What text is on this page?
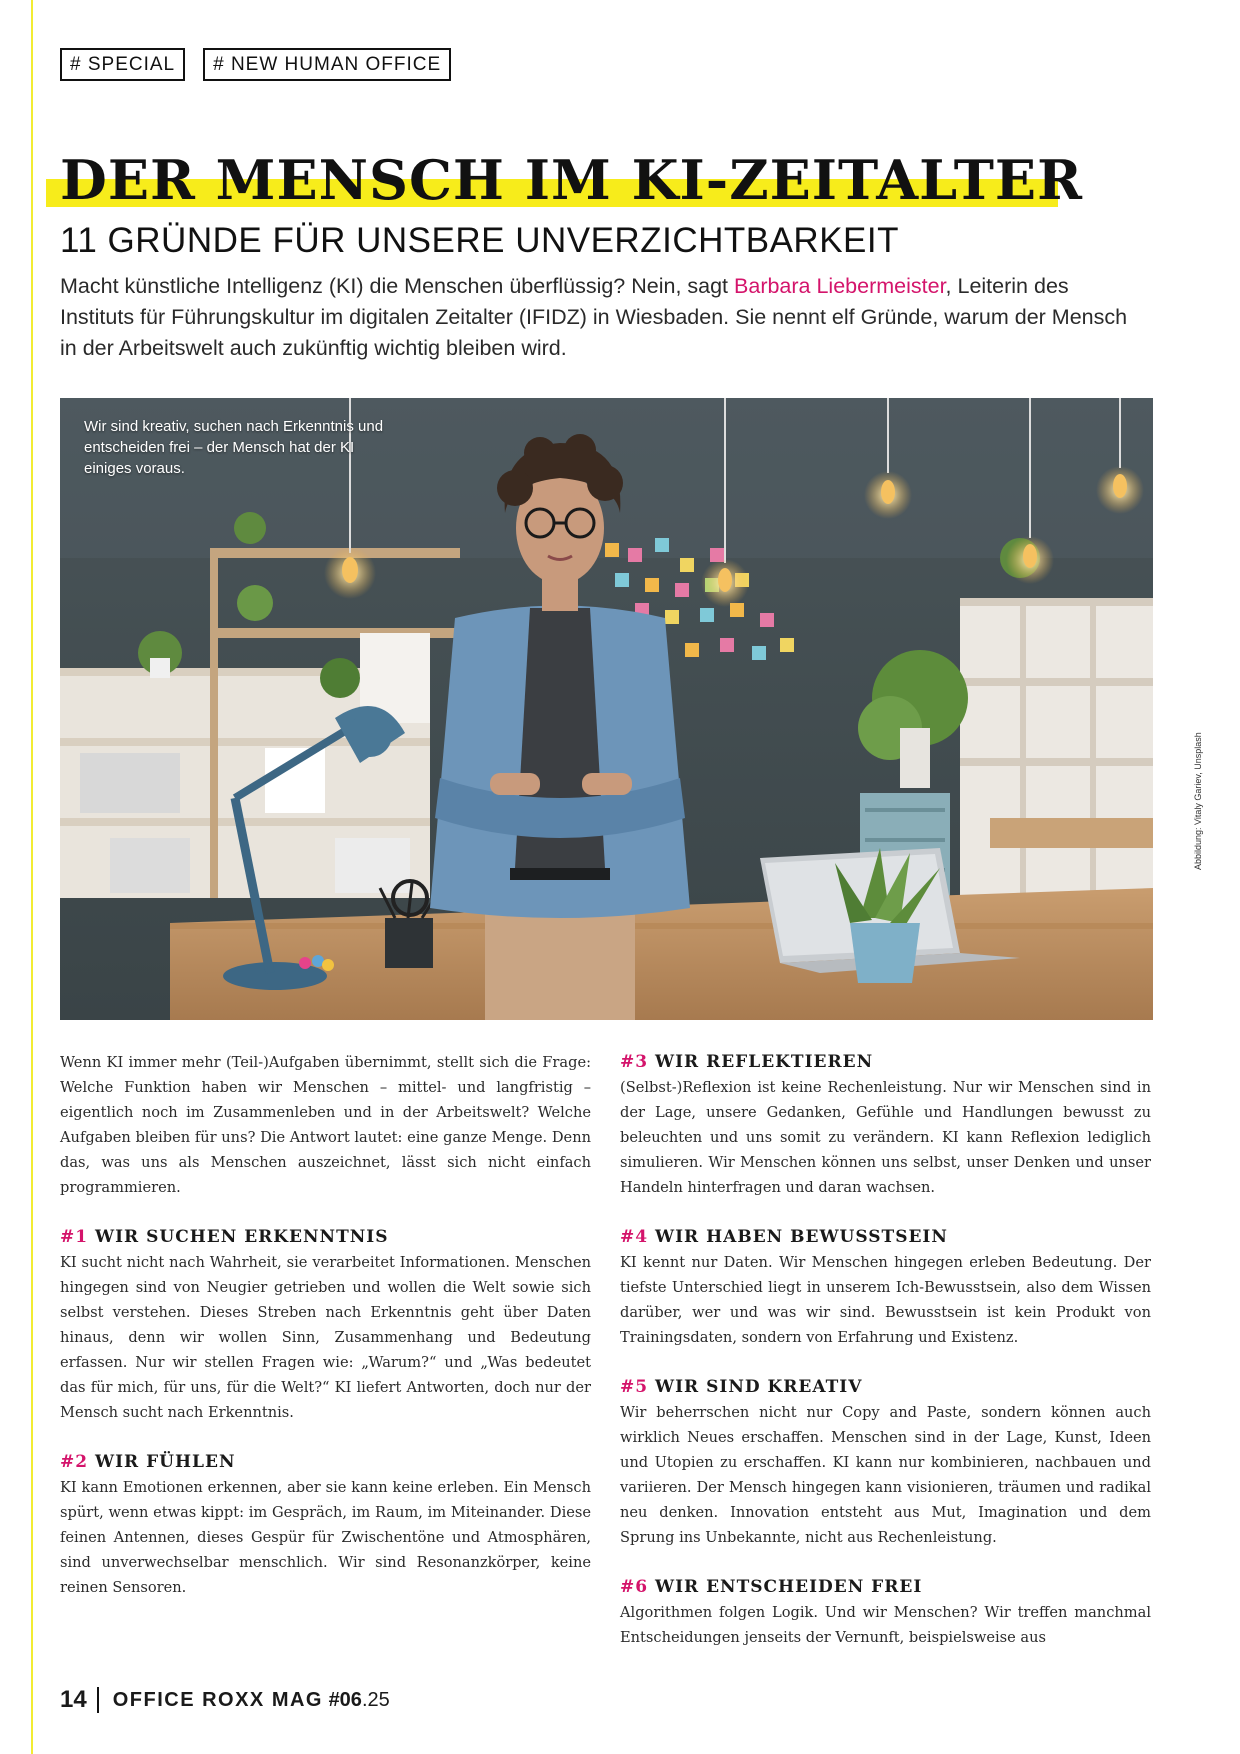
# SPECIAL	# NEW HUMAN OFFICE
DER MENSCH IM KI-ZEITALTER
11 GRÜNDE FÜR UNSERE UNVERZICHTBARKEIT

Macht künstliche Intelligenz (KI) die Menschen überflüssig? Nein, sagt Barbara Liebermeister, Leiterin des Instituts für Führungskultur im digitalen Zeitalter (IFIDZ) in Wiesbaden. Sie nennt elf Gründe, warum der Mensch in der Arbeitswelt auch zukünftig wichtig bleiben wird.

Wir sind kreativ, suchen nach Erkenntnis und entscheiden frei – der Mensch hat der KI einiges voraus.
Abbildung: Vitaly Gariev, Unsplash

Wenn KI immer mehr (Teil-)Aufgaben übernimmt, stellt sich die Frage: Welche Funktion haben wir Menschen – mittel- und langfristig – eigentlich noch im Zusammenleben und in der Arbeitswelt? Welche Aufgaben bleiben für uns? Die Antwort lautet: eine ganze Menge. Denn das, was uns als Menschen auszeichnet, lässt sich nicht einfach programmieren.

#1 WIR SUCHEN ERKENNTNIS

KI sucht nicht nach Wahrheit, sie verarbeitet Informationen. Menschen hingegen sind von Neugier getrieben und wollen die Welt sowie sich selbst verstehen. Dieses Streben nach Erkenntnis geht über Daten hinaus, denn wir wollen Sinn, Zusammenhang und Bedeutung erfassen. Nur wir stellen Fragen wie: „Warum?“ und „Was bedeutet das für mich, für uns, für die Welt?“ KI liefert Antworten, doch nur der Mensch sucht nach Erkenntnis.

#2 WIR FÜHLEN

KI kann Emotionen erkennen, aber sie kann keine erleben. Ein Mensch spürt, wenn etwas kippt: im Gespräch, im Raum, im Miteinander. Diese feinen Antennen, dieses Gespür für Zwischentöne und Atmosphären, sind unverwechselbar menschlich. Wir sind Resonanzkörper, keine reinen Sensoren.

#3 WIR REFLEKTIEREN

(Selbst-)Reflexion ist keine Rechenleistung. Nur wir Menschen sind in der Lage, unsere Gedanken, Gefühle und Handlungen bewusst zu beleuchten und uns somit zu verändern. KI kann Reflexion lediglich simulieren. Wir Menschen können uns selbst, unser Denken und unser Handeln hinterfragen und daran wachsen.

#4 WIR HABEN BEWUSSTSEIN

KI kennt nur Daten. Wir Menschen hingegen erleben Bedeutung. Der tiefste Unterschied liegt in unserem Ich-Bewusstsein, also dem Wissen darüber, wer und was wir sind. Bewusstsein ist kein Produkt von Trainingsdaten, sondern von Erfahrung und Existenz.

#5 WIR SIND KREATIV

Wir beherrschen nicht nur Copy and Paste, sondern können auch wirklich Neues erschaffen. Menschen sind in der Lage, Kunst, Ideen und Utopien zu erschaffen. KI kann nur kombinieren, nachbauen und variieren. Der Mensch hingegen kann visionieren, träumen und radikal neu denken. Innovation entsteht aus Mut, Imagination und dem Sprung ins Unbekannte, nicht aus Rechenleistung.

#6 WIR ENTSCHEIDEN FREI

Algorithmen folgen Logik. Und wir Menschen? Wir treffen manchmal Entscheidungen jenseits der Vernunft, beispielsweise aus

14 OFFICE ROXX MAG
#06 .25
